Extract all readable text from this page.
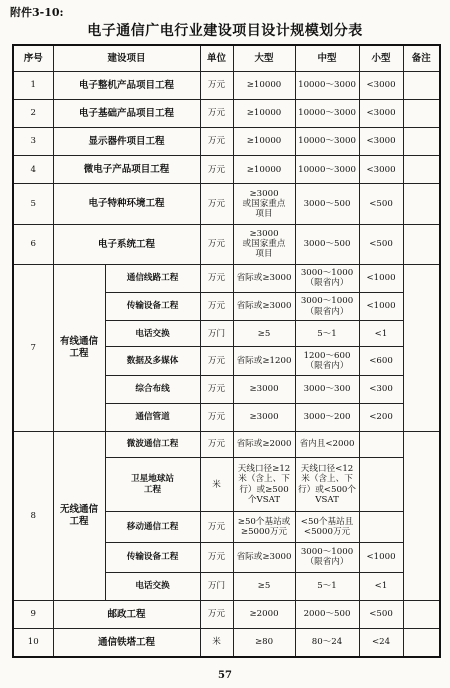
附件3-10:
电子通信广电行业建设项目设计规模划分表
序号	建设项目		单位	大型	中型	小型	备注
1	电子整机产品项目工程		万元	≥10000	10000～3000	<3000	
2	电子基础产品项目工程		万元	≥10000	10000～3000	<3000	
3	显示器件项目工程		万元	≥10000	10000～3000	<3000	
4	微电子产品项目工程		万元	≥10000	10000～3000	<3000	
5	电子特种环境工程		万元	≥3000
或国家重点
项目	3000～500	<500	
6	电子系统工程		万元	≥3000
或国家重点
项目	3000～500	<500	
7	有线通信
工程	通信线路工程	万元	省际或≥3000	3000～1000
（限省内）	<1000	
		传输设备工程	万元	省际或≥3000	3000～1000
（限省内）	<1000	
		电话交换	万门	≥5	5～1	<1	
		数据及多媒体	万元	省际或≥1200	1200～600
（限省内）	<600	
		综合布线	万元	≥3000	3000～300	<300	
		通信管道	万元	≥3000	3000～200	<200	
8	无线通信
工程	微波通信工程	万元	省际或≥2000	省内且<2000		
		卫星地球站
工程	米	天线口径≥12
米（含上、下
行）或≥500
个VSAT	天线口径<12
米（含上、下
行）或<500个
VSAT		
		移动通信工程	万元	≥50个基站或
≥5000万元	<50个基站且
<5000万元		
		传输设备工程	万元	省际或≥3000	3000～1000
（限省内）	<1000	
		电话交换	万门	≥5	5～1	<1	
9	邮政工程		万元	≥2000	2000～500	<500	
10	通信铁塔工程		米	≥80	80～24	<24	
57
